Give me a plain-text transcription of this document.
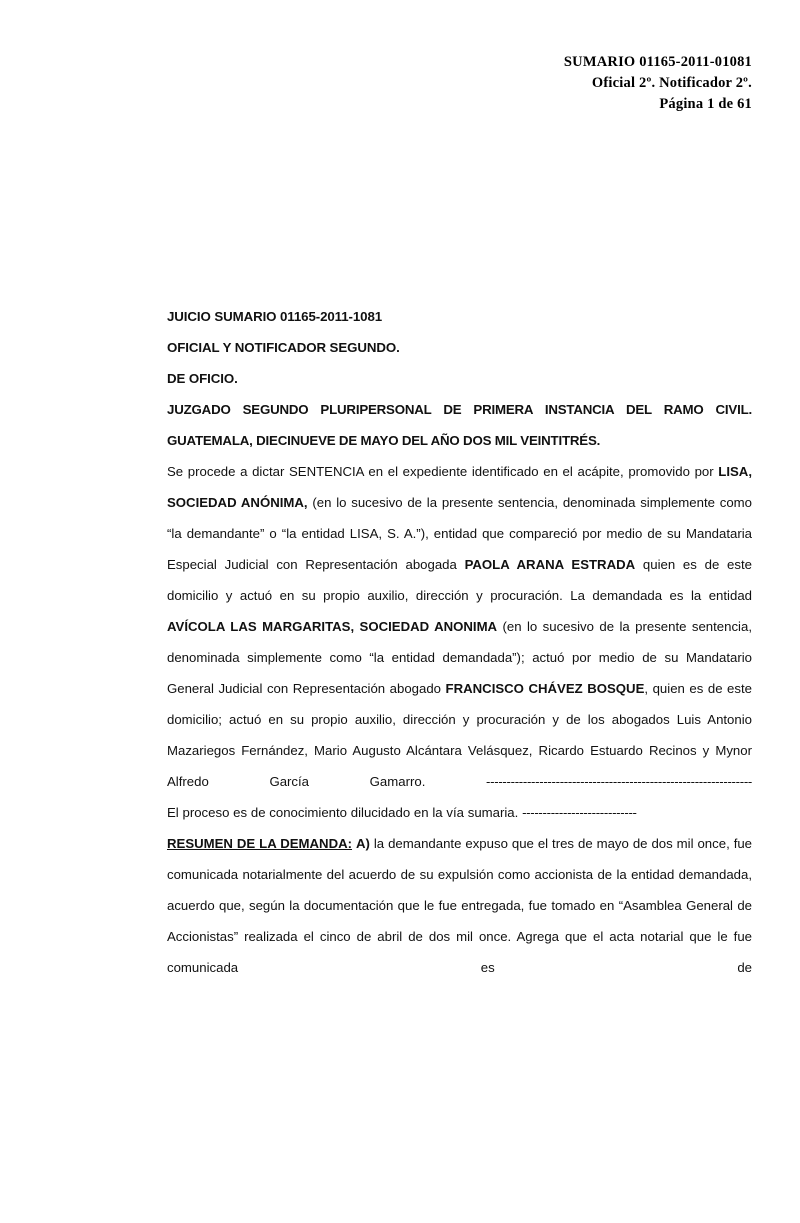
SUMARIO 01165-2011-01081
Oficial 2º. Notificador 2º.
Página 1 de 61
JUICIO SUMARIO 01165-2011-1081
OFICIAL Y NOTIFICADOR SEGUNDO.
DE OFICIO.
JUZGADO SEGUNDO PLURIPERSONAL DE PRIMERA INSTANCIA DEL RAMO CIVIL. GUATEMALA, DIECINUEVE DE MAYO DEL AÑO DOS MIL VEINTITRÉS.

Se procede a dictar SENTENCIA en el expediente identificado en el acápite, promovido por LISA, SOCIEDAD ANÓNIMA, (en lo sucesivo de la presente sentencia, denominada simplemente como “la demandante” o “la entidad LISA, S. A.”), entidad que compareció por medio de su Mandataria Especial Judicial con Representación abogada PAOLA ARANA ESTRADA quien es de este domicilio y actuó en su propio auxilio, dirección y procuración. La demandada es la entidad AVÍCOLA LAS MARGARITAS, SOCIEDAD ANONIMA (en lo sucesivo de la presente sentencia, denominada simplemente como “la entidad demandada”); actuó por medio de su Mandatario General Judicial con Representación abogado FRANCISCO CHÁVEZ BOSQUE, quien es de este domicilio; actuó en su propio auxilio, dirección y procuración y de los abogados Luis Antonio Mazariegos Fernández, Mario Augusto Alcántara Velásquez, Ricardo Estuardo Recinos y Mynor Alfredo García Gamarro. -----------------------------------------------------------------

El proceso es de conocimiento dilucidado en la vía sumaria. ----------------------------

RESUMEN DE LA DEMANDA: A) la demandante expuso que el tres de mayo de dos mil once, fue comunicada notarialmente del acuerdo de su expulsión como accionista de la entidad demandada, acuerdo que, según la documentación que le fue entregada, fue tomado en “Asamblea General de Accionistas” realizada el cinco de abril de dos mil once. Agrega que el acta notarial que le fue comunicada es de
